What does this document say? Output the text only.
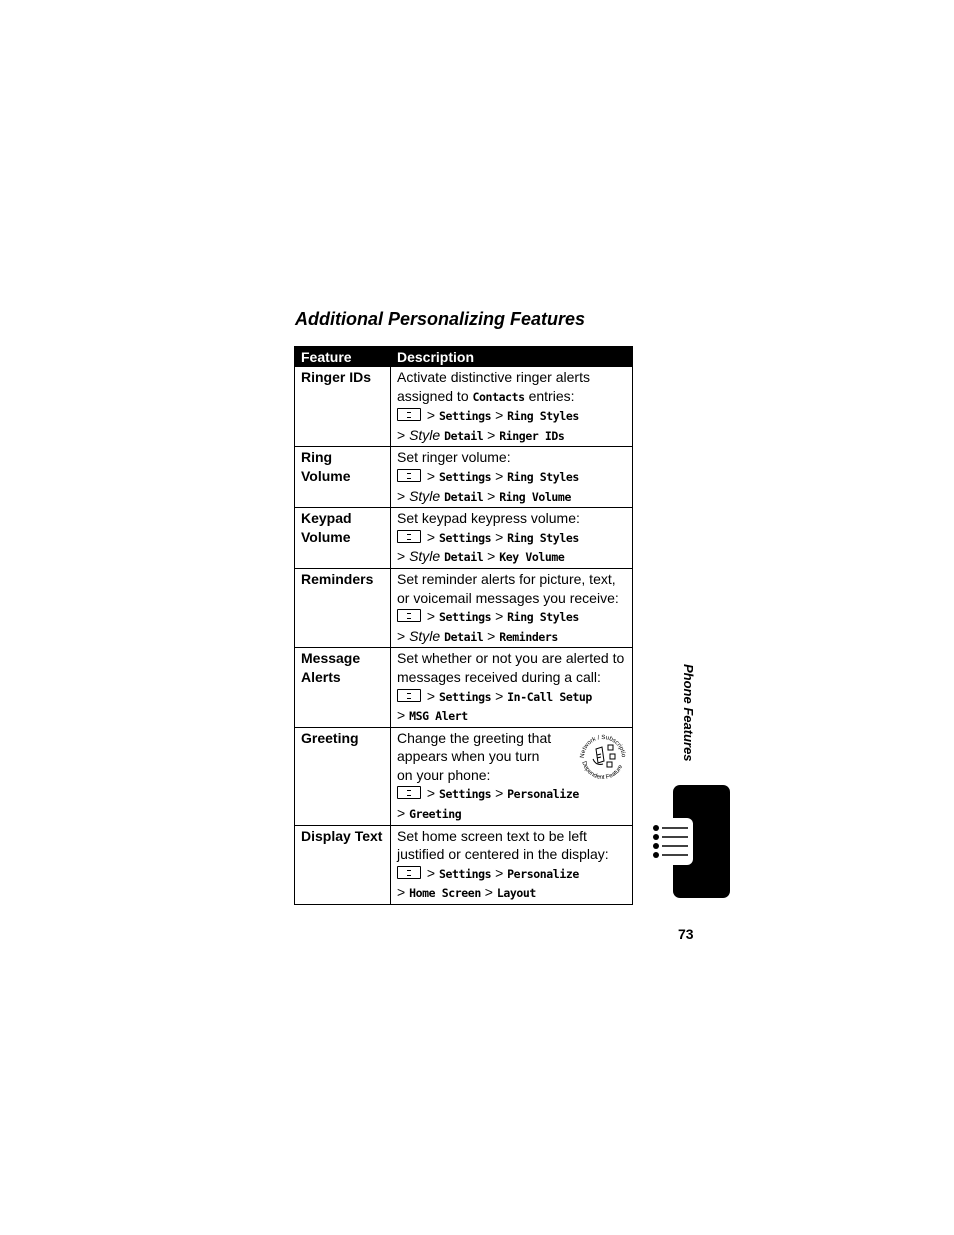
Additional Personalizing Features
Feature	Description
Ringer IDs	Activate distinctive ringer alerts assigned to Contacts entries:
> Settings > Ring Styles
> Style Detail > Ringer IDs

Ring Volume	Set ringer volume:
> Settings > Ring Styles
> Style Detail > Ring Volume

Keypad Volume	Set keypad keypress volume:
> Settings > Ring Styles
> Style Detail > Key Volume

Reminders	Set reminder alerts for picture, text, or voicemail messages you receive:
> Settings > Ring Styles
> Style Detail > Reminders

Message Alerts	Set whether or not you are alerted to messages received during a call:
> Settings > In-Call Setup
> MSG Alert

Greeting	Change the greeting that appears when you turn on your phone:
> Settings > Personalize
> Greeting
Network / Subscriptio
Dependent Feature

Display Text	Set home screen text to be left justified or centered in the display:
> Settings > Personalize
> Home Screen > Layout
Phone Features
73
